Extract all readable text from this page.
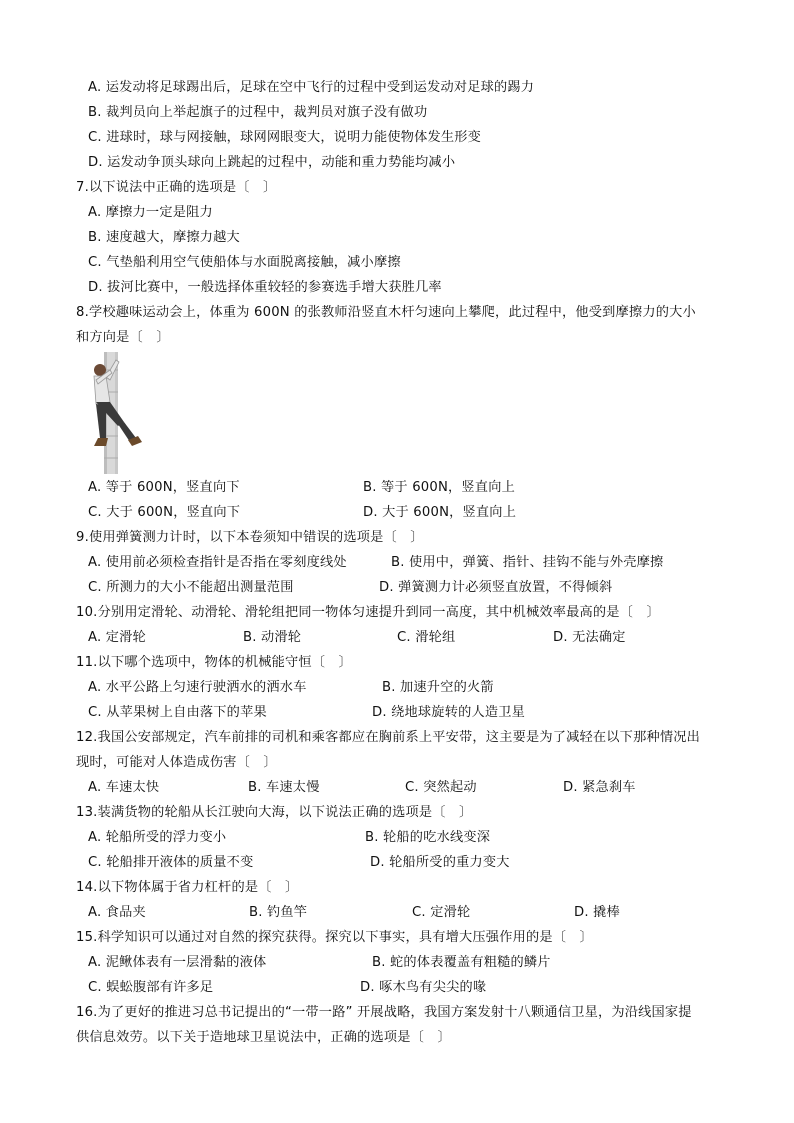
A. 运发动将足球踢出后，足球在空中飞行的过程中受到运发动对足球的踢力
B. 裁判员向上举起旗子的过程中，裁判员对旗子没有做功
C. 进球时，球与网接触，球网网眼变大，说明力能使物体发生形变
D. 运发动争顶头球向上跳起的过程中，动能和重力势能均减小
7.以下说法中正确的选项是〔　〕
A. 摩擦力一定是阻力
B. 速度越大，摩擦力越大
C. 气垫船利用空气使船体与水面脱离接触，减小摩擦
D. 拔河比赛中，一般选择体重较轻的参赛选手增大获胜几率
8.学校趣味运动会上，体重为 600N 的张教师沿竖直木杆匀速向上攀爬，此过程中，他受到摩擦力的大小
和方向是〔　〕
A. 等于 600N，竖直向下	B. 等于 600N，竖直向上
C. 大于 600N，竖直向下	D. 大于 600N，竖直向上
9.使用弹簧测力计时，以下本卷须知中错误的选项是〔　〕
A. 使用前必须检查指针是否指在零刻度线处	B. 使用中，弹簧、指针、挂钩不能与外壳摩擦
C. 所测力的大小不能超出测量范围	D. 弹簧测力计必须竖直放置，不得倾斜
10.分别用定滑轮、动滑轮、滑轮组把同一物体匀速提升到同一高度，其中机械效率最高的是〔　〕
A. 定滑轮	B. 动滑轮	C. 滑轮组	D. 无法确定
11.以下哪个选项中，物体的机械能守恒〔　〕
A. 水平公路上匀速行驶洒水的洒水车	B. 加速升空的火箭
C. 从苹果树上自由落下的苹果	D. 绕地球旋转的人造卫星
12.我国公安部规定，汽车前排的司机和乘客都应在胸前系上平安带，这主要是为了减轻在以下那种情况出
现时，可能对人体造成伤害〔　〕
A. 车速太快	B. 车速太慢	C. 突然起动	D. 紧急刹车
13.装满货物的轮船从长江驶向大海，以下说法正确的选项是〔　〕
A. 轮船所受的浮力变小	B. 轮船的吃水线变深
C. 轮船排开液体的质量不变	D. 轮船所受的重力变大
14.以下物体属于省力杠杆的是〔　〕
A. 食品夹	B. 钓鱼竿	C. 定滑轮	D. 撬棒
15.科学知识可以通过对自然的探究获得。探究以下事实，具有增大压强作用的是〔　〕
A. 泥鳅体表有一层滑黏的液体	B. 蛇的体表覆盖有粗糙的鳞片
C. 蜈蚣腹部有许多足	D. 啄木鸟有尖尖的喙
16.为了更好的推进习总书记提出的“一带一路” 开展战略，我国方案发射十八颗通信卫星，为沿线国家提
供信息效劳。以下关于造地球卫星说法中，正确的选项是〔　〕
